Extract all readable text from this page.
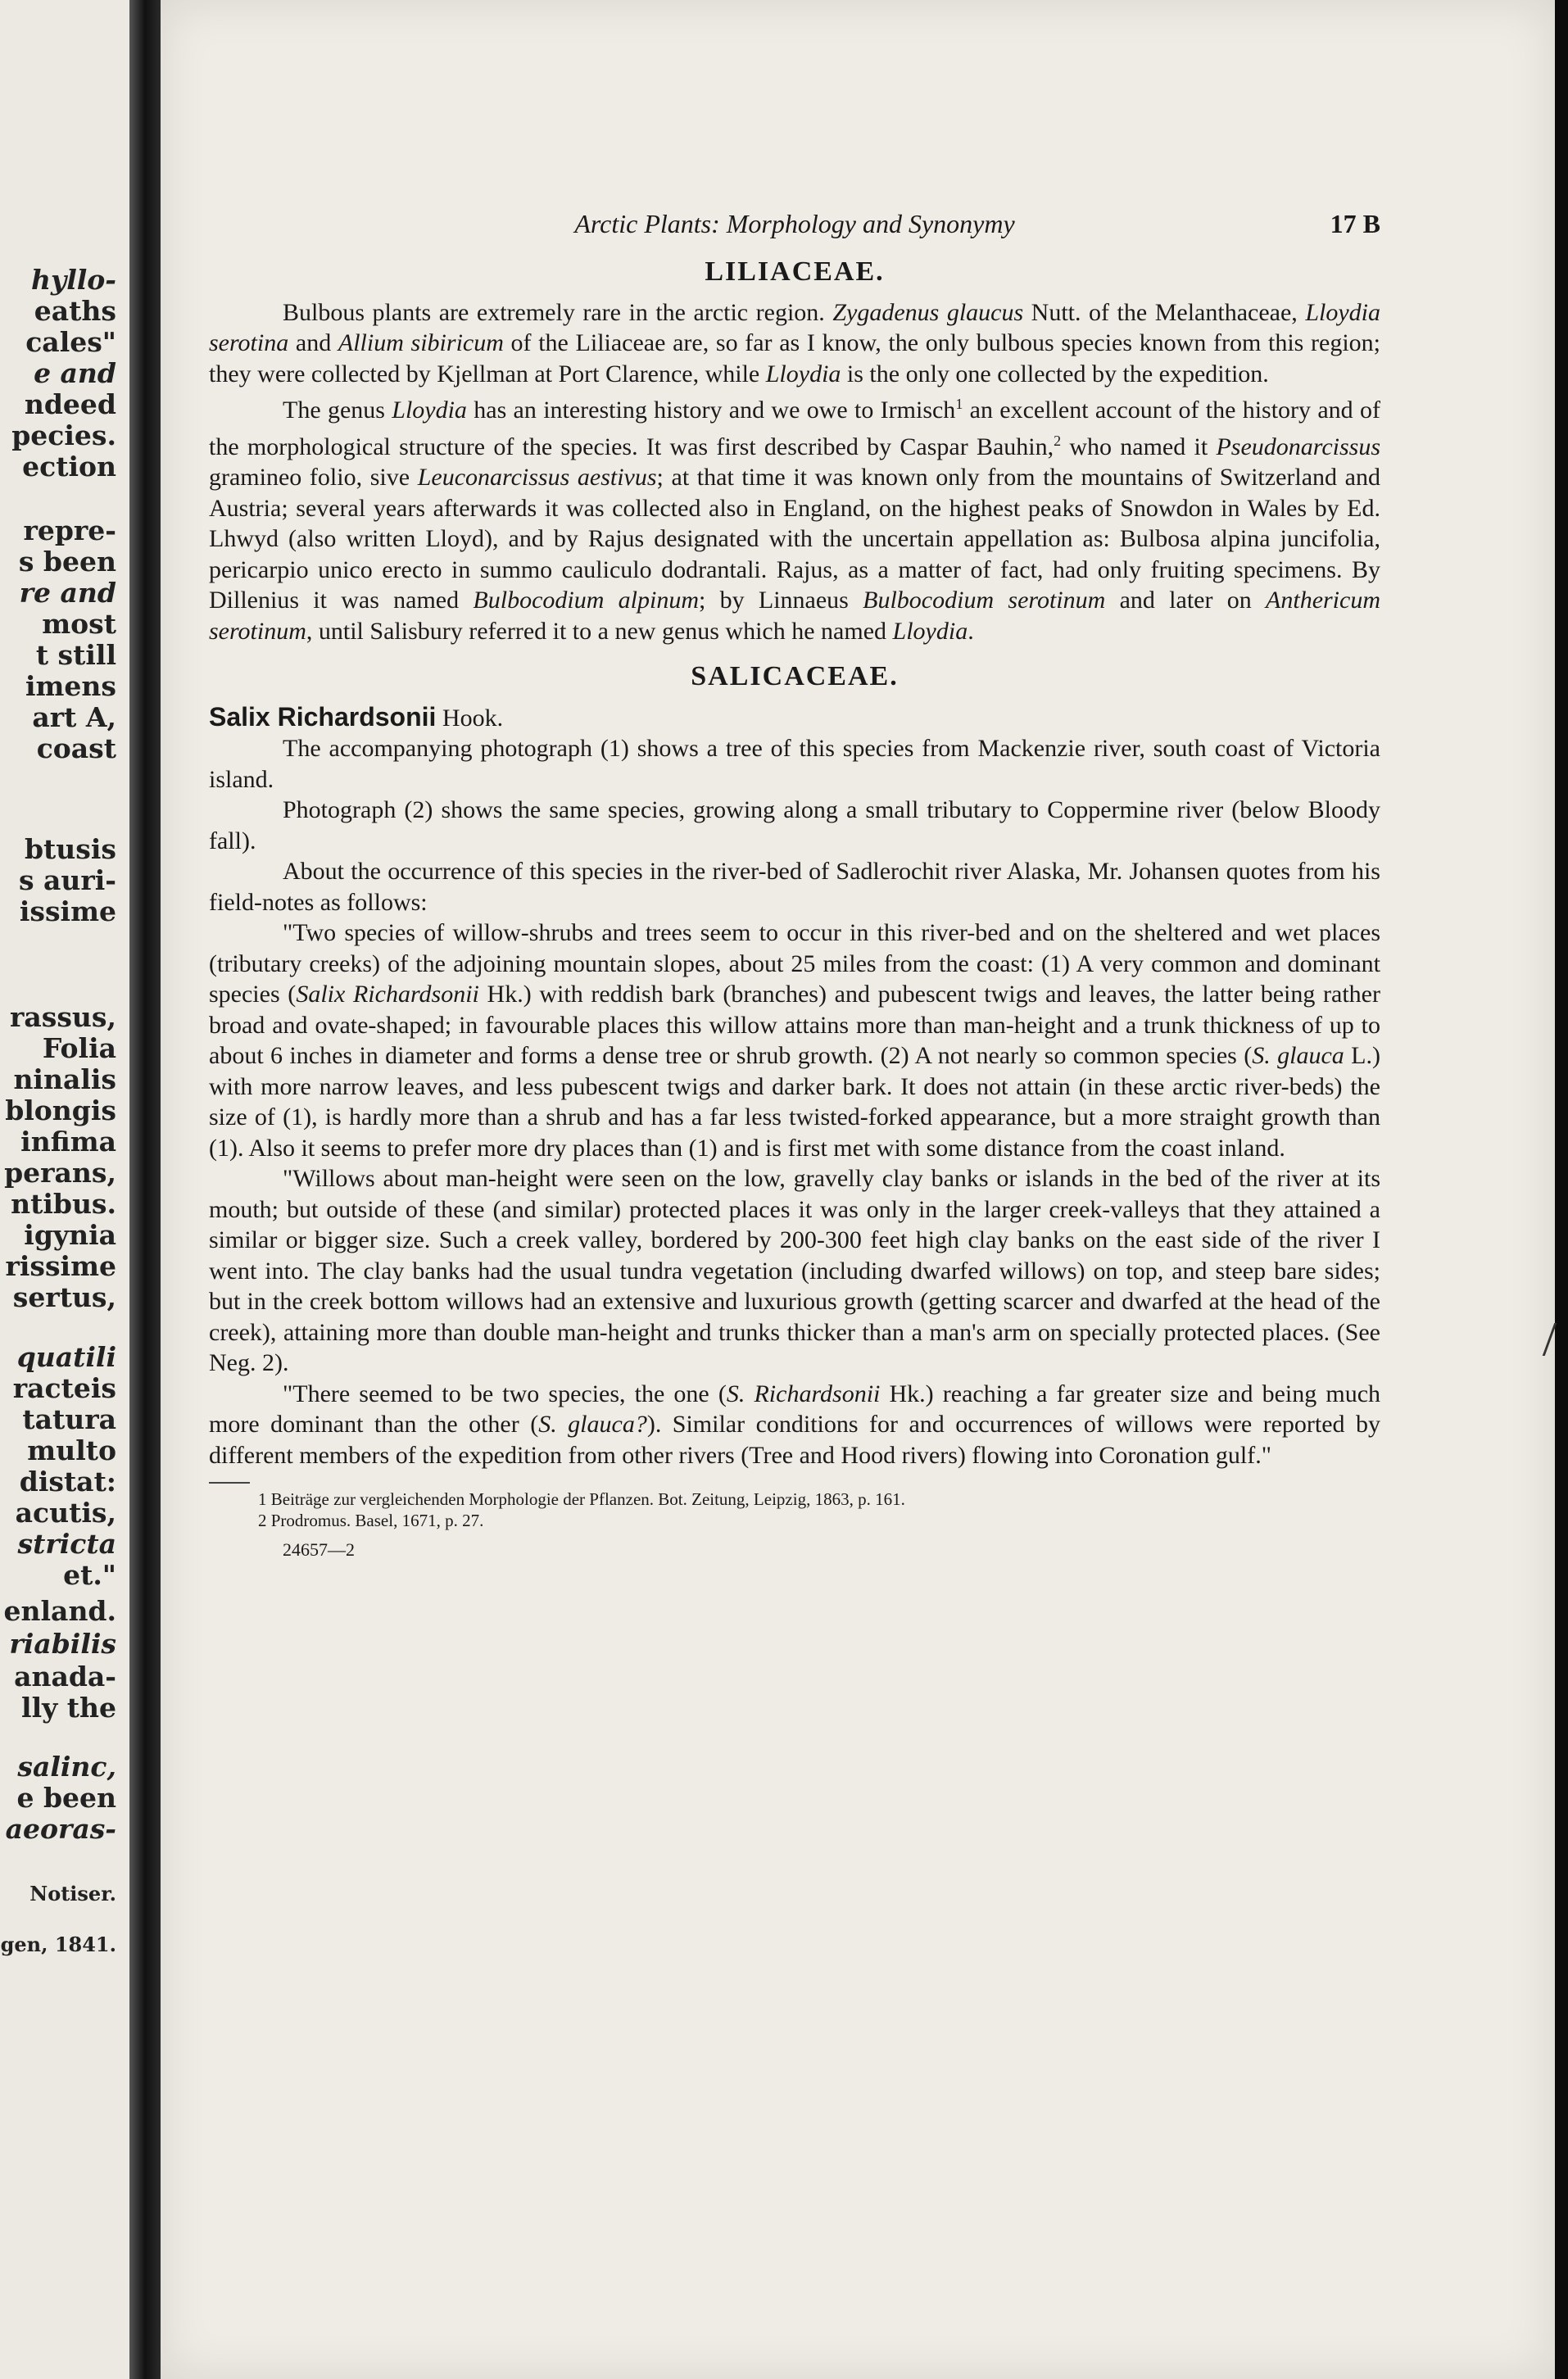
hyllo-
eaths
cales"
e and
ndeed
pecies.
ection
repre-
s been
re and
most
t still
imens
art A,
coast
btusis
s auri-
issime
rassus,
Folia
ninalis
blongis
infima
perans,
ntibus.
igynia
rissime
sertus,
quatili
racteis
tatura
multo
distat:
acutis,
stricta
et."
enland.
riabilis
anada-
lly the
salinc,
e been
aeoras-
Notiser.
gen, 1841.
Arctic Plants: Morphology and Synonymy	17 B
LILIACEAE.

Bulbous plants are extremely rare in the arctic region. Zygadenus glaucus Nutt. of the Melanthaceae, Lloydia serotina and Allium sibiricum of the Liliaceae are, so far as I know, the only bulbous species known from this region; they were collected by Kjellman at Port Clarence, while Lloydia is the only one collected by the expedition.

The genus Lloydia has an interesting history and we owe to Irmisch$^1$ an excellent account of the history and of the morphological structure of the species. It was first described by Caspar Bauhin,$^2$ who named it Pseudonarcissus gramineo folio, sive Leuconarcissus aestivus; at that time it was known only from the mountains of Switzerland and Austria; several years afterwards it was collected also in England, on the highest peaks of Snowdon in Wales by Ed. Lhwyd (also written Lloyd), and by Rajus designated with the uncertain appellation as: Bulbosa alpina juncifolia, pericarpio unico erecto in summo cauliculo dodrantali. Rajus, as a matter of fact, had only fruiting specimens. By Dillenius it was named Bulbocodium alpinum; by Linnaeus Bulbocodium serotinum and later on Anthericum serotinum, until Salisbury referred it to a new genus which he named Lloydia.

SALICACEAE.

Salix Richardsonii Hook.

The accompanying photograph (1) shows a tree of this species from Mackenzie river, south coast of Victoria island.

Photograph (2) shows the same species, growing along a small tributary to Coppermine river (below Bloody fall).

About the occurrence of this species in the river-bed of Sadlerochit river Alaska, Mr. Johansen quotes from his field-notes as follows:

"Two species of willow-shrubs and trees seem to occur in this river-bed and on the sheltered and wet places (tributary creeks) of the adjoining mountain slopes, about 25 miles from the coast: (1) A very common and dominant species (Salix Richardsonii Hk.) with reddish bark (branches) and pubescent twigs and leaves, the latter being rather broad and ovate-shaped; in favourable places this willow attains more than man-height and a trunk thickness of up to about 6 inches in diameter and forms a dense tree or shrub growth. (2) A not nearly so common species (S. glauca L.) with more narrow leaves, and less pubescent twigs and darker bark. It does not attain (in these arctic river-beds) the size of (1), is hardly more than a shrub and has a far less twisted-forked appearance, but a more straight growth than (1). Also it seems to prefer more dry places than (1) and is first met with some distance from the coast inland.

"Willows about man-height were seen on the low, gravelly clay banks or islands in the bed of the river at its mouth; but outside of these (and similar) protected places it was only in the larger creek-valleys that they attained a similar or bigger size. Such a creek valley, bordered by 200-300 feet high clay banks on the east side of the river I went into. The clay banks had the usual tundra vegetation (including dwarfed willows) on top, and steep bare sides; but in the creek bottom willows had an extensive and luxurious growth (getting scarcer and dwarfed at the head of the creek), attaining more than double man-height and trunks thicker than a man's arm on specially protected places. (See Neg. 2).

"There seemed to be two species, the one (S. Richardsonii Hk.) reaching a far greater size and being much more dominant than the other (S. glauca?). Similar conditions for and occurrences of willows were reported by different members of the expedition from other rivers (Tree and Hood rivers) flowing into Coronation gulf."

1 Beiträge zur vergleichenden Morphologie der Pflanzen. Bot. Zeitung, Leipzig, 1863, p. 161.
2 Prodromus. Basel, 1671, p. 27.
24657—2
